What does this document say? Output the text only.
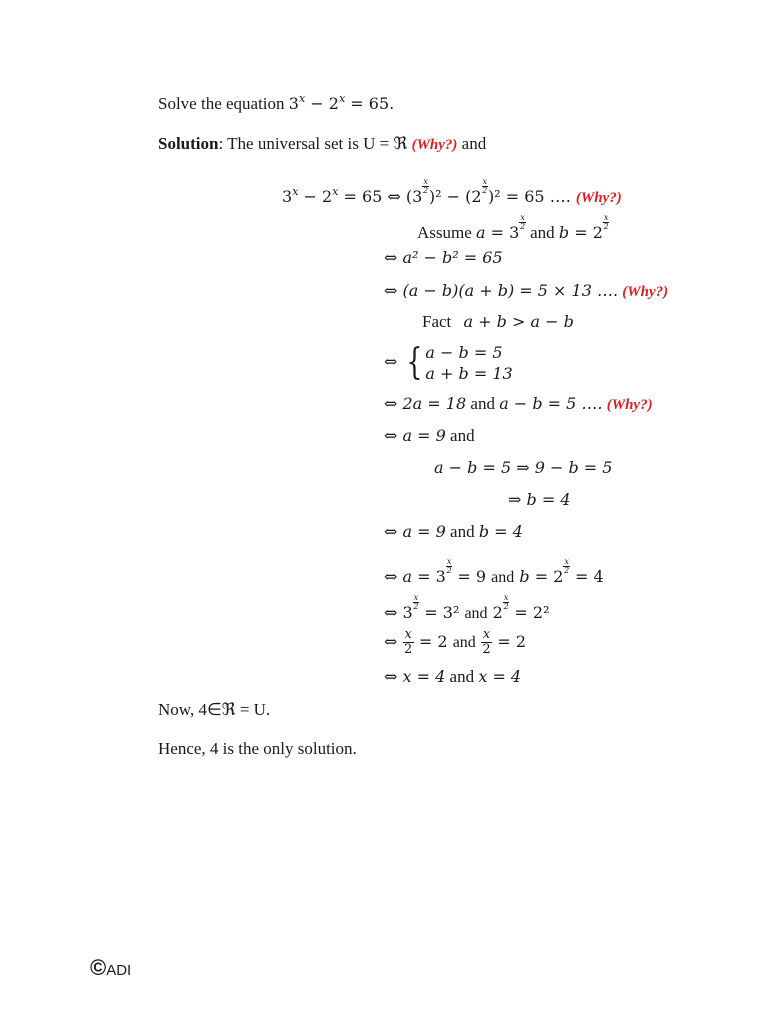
Solve the equation $3^x - 2^x = 65$.
Solution: The universal set is U = ℜ (Why?) and
$3^x - 2^x = 65$ ⇔ (3
$\frac{x}{2}$
)² − (2
$\frac{x}{2}$
)² = 65 …. (Why?)
Assume a = 3
$\frac{x}{2}$
and b = 2
$\frac{x}{2}$
⇔ a² − b² = 65
⇔ (a − b)(a + b) = 5 × 13 …. (Why?)
Fact a + b > a − b
⇔ { a − b = 5
a + b = 13
⇔ 2a = 18 and a − b = 5 …. (Why?)
⇔ a = 9 and
a − b = 5 ⇒ 9 − b = 5
⇒ b = 4
⇔ a = 9 and b = 4
⇔ a = 3
$\frac{x}{2}$
= 9 and b = 2
$\frac{x}{2}$
= 4
⇔ 3
$\frac{x}{2}$
= 3² and 2
$\frac{x}{2}$
= 2²
⇔ $\frac{x}{2} = 2$ and $\frac{x}{2} = 2$
⇔ x = 4 and x = 4
Now, 4∈ℜ = U.
Hence, 4 is the only solution.
©ADI
